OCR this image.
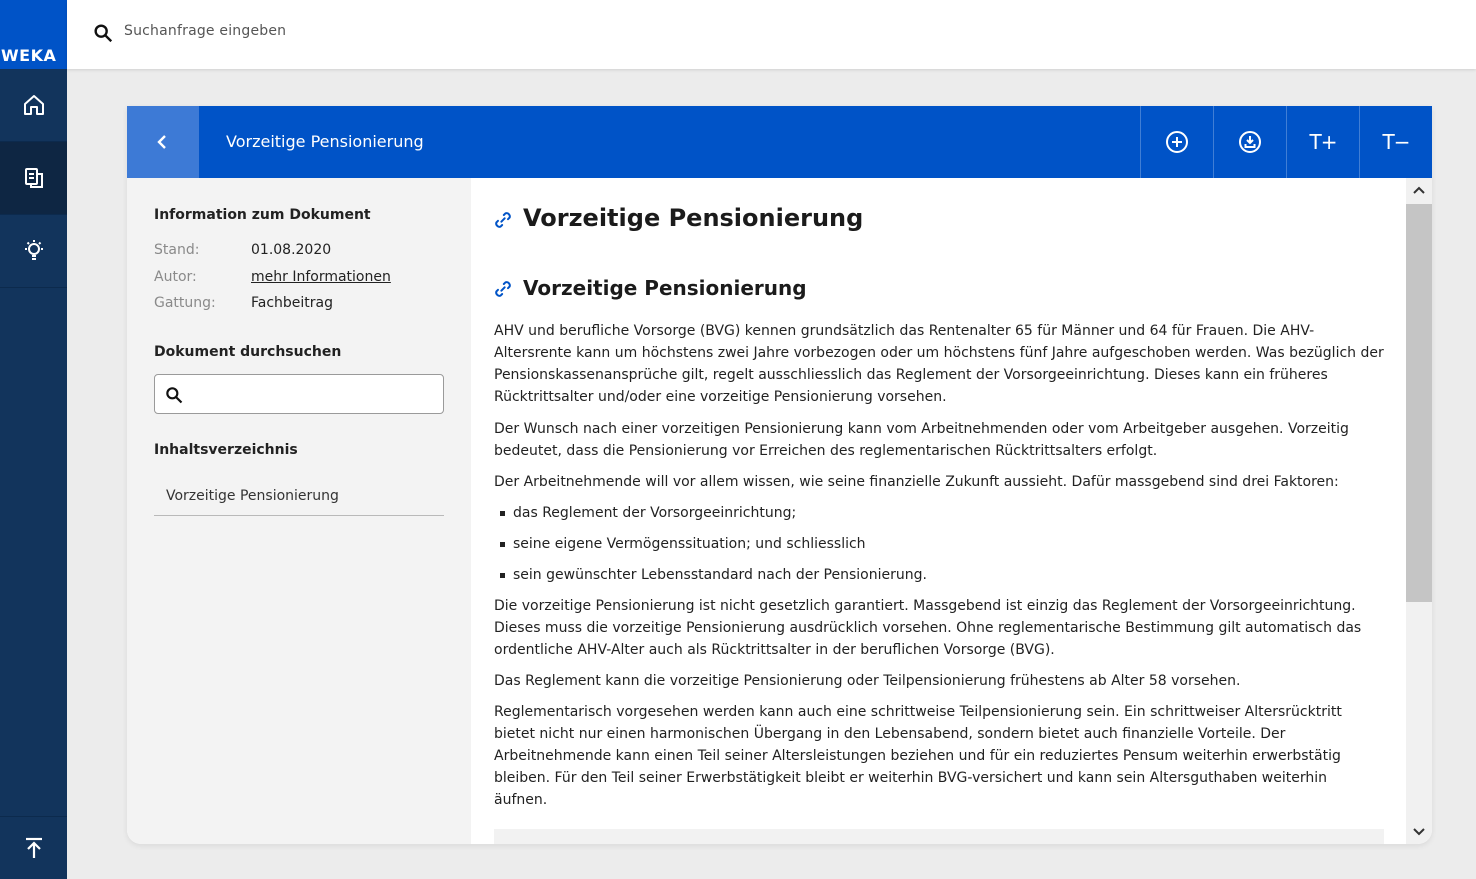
WEKA
Suchanfrage eingeben
Vorzeitige Pensionierung	T+ T−
Information zum Dokument
Stand:	01.08.2020
Autor:	mehr Informationen
Gattung:	Fachbeitrag
Dokument durchsuchen
Inhaltsverzeichnis
Vorzeitige Pensionierung
Vorzeitige Pensionierung
Vorzeitige Pensionierung

AHV und berufliche Vorsorge (BVG) kennen grundsätzlich das Rentenalter 65 für Männer und 64 für Frauen. Die AHV-Altersrente kann um höchstens zwei Jahre vorbezogen oder um höchstens fünf Jahre aufgeschoben werden. Was bezüglich der Pensionskassenansprüche gilt, regelt ausschliesslich das Reglement der Vorsorgeeinrichtung. Dieses kann ein früheres Rücktrittsalter und/oder eine vorzeitige Pensionierung vorsehen.

Der Wunsch nach einer vorzeitigen Pensionierung kann vom Arbeitnehmenden oder vom Arbeitgeber ausgehen. Vorzeitig bedeutet, dass die Pensionierung vor Erreichen des reglementarischen Rücktrittsalters erfolgt.

Der Arbeitnehmende will vor allem wissen, wie seine finanzielle Zukunft aussieht. Dafür massgebend sind drei Faktoren:

das Reglement der Vorsorgeeinrichtung;
seine eigene Vermögenssituation; und schliesslich
sein gewünschter Lebensstandard nach der Pensionierung.

Die vorzeitige Pensionierung ist nicht gesetzlich garantiert. Massgebend ist einzig das Reglement der Vorsorgeeinrichtung. Dieses muss die vorzeitige Pensionierung ausdrücklich vorsehen. Ohne reglementarische Bestimmung gilt automatisch das ordentliche AHV-Alter auch als Rücktrittsalter in der beruflichen Vorsorge (BVG).

Das Reglement kann die vorzeitige Pensionierung oder Teilpensionierung frühestens ab Alter 58 vorsehen.

Reglementarisch vorgesehen werden kann auch eine schrittweise Teilpensionierung sein. Ein schrittweiser Altersrücktritt bietet nicht nur einen harmonischen Übergang in den Lebensabend, sondern bietet auch finanzielle Vorteile. Der Arbeitnehmende kann einen Teil seiner Altersleistungen beziehen und für ein reduziertes Pensum weiterhin erwerbstätig bleiben. Für den Teil seiner Erwerbstätigkeit bleibt er weiterhin BVG-versichert und kann sein Altersguthaben weiterhin äufnen.
